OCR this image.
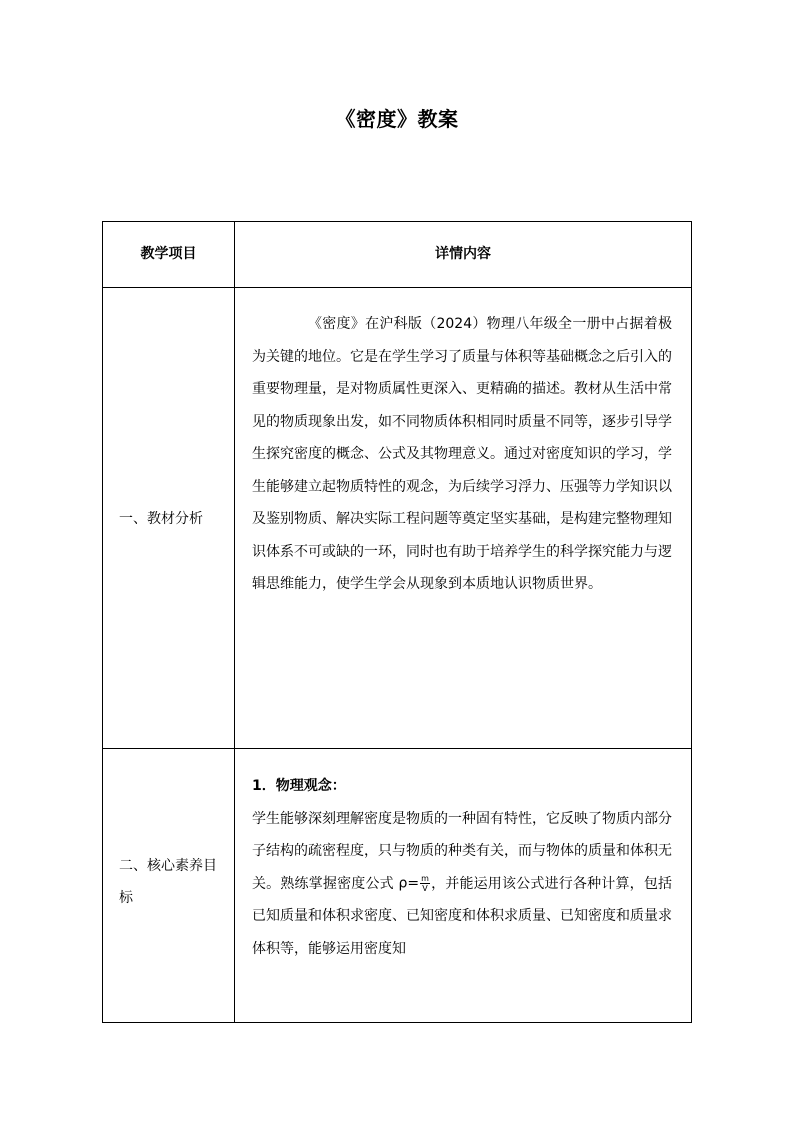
《密度》教案
教学项目	详情内容
一、教材分析
《密度》在沪科版（2024）物理八年级全一册中占据着极为关键的地位。它是在学生学习了质量与体积等基础概念之后引入的重要物理量，是对物质属性更深入、更精确的描述。教材从生活中常见的物质现象出发，如不同物质体积相同时质量不同等，逐步引导学生探究密度的概念、公式及其物理意义。通过对密度知识的学习，学生能够建立起物质特性的观念，为后续学习浮力、压强等力学知识以及鉴别物质、解决实际工程问题等奠定坚实基础，是构建完整物理知识体系不可或缺的一环，同时也有助于培养学生的科学探究能力与逻辑思维能力，使学生学会从现象到本质地认识物质世界。
二、核心素养目标
1．物理观念：
学生能够深刻理解密度是物质的一种固有特性，它反映了物质内部分子结构的疏密程度，只与物质的种类有关，而与物体的质量和体积无关。熟练掌握密度公式 $\rho= \frac{m}{V}$ ，并能运用该公式进行各种计算，包括已知质量和体积求密度、已知密度和体积求质量、已知密度和质量求体积等，能够运用密度知
